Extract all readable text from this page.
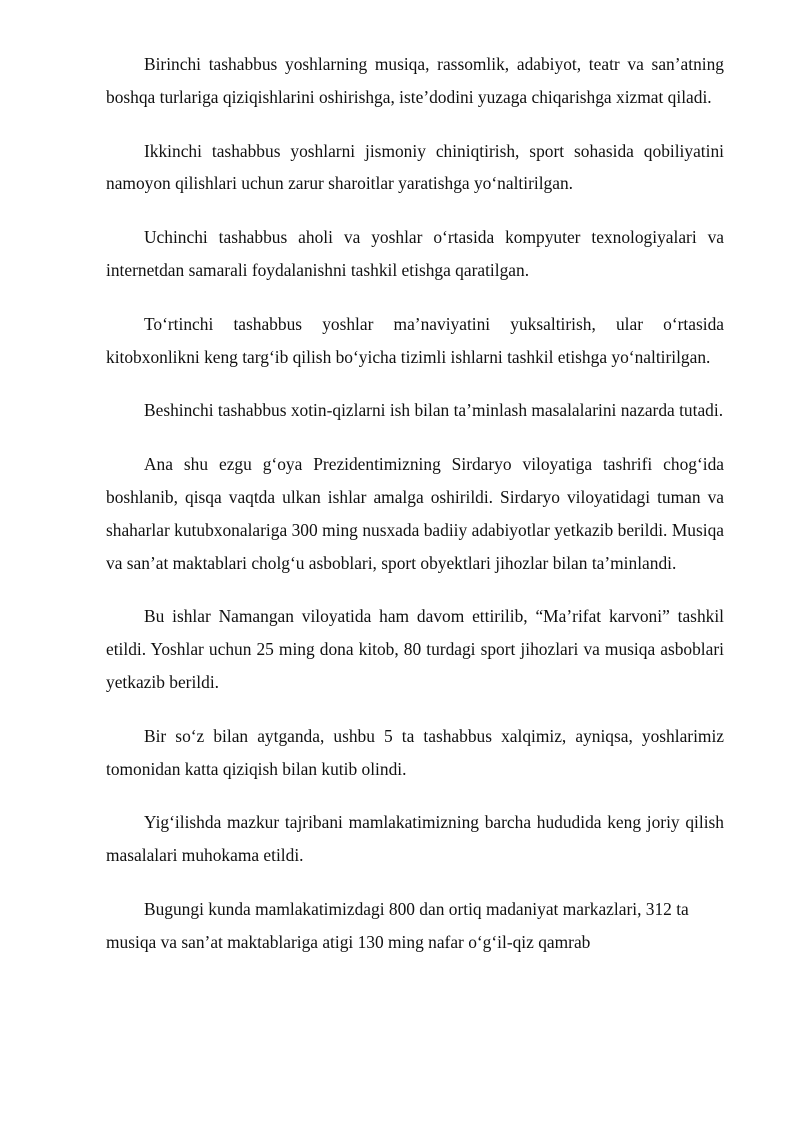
Birinchi tashabbus yoshlarning musiqa, rassomlik, adabiyot, teatr va san’atning boshqa turlariga qiziqishlarini oshirishga, iste’dodini yuzaga chiqarishga xizmat qiladi.

Ikkinchi tashabbus yoshlarni jismoniy chiniqtirish, sport sohasida qobiliyatini namoyon qilishlari uchun zarur sharoitlar yaratishga yo‘naltirilgan.

Uchinchi tashabbus aholi va yoshlar o‘rtasida kompyuter texnologiyalari va internetdan samarali foydalanishni tashkil etishga qaratilgan.

To‘rtinchi tashabbus yoshlar ma’naviyatini yuksaltirish, ular o‘rtasida kitobxonlikni keng targ‘ib qilish bo‘yicha tizimli ishlarni tashkil etishga yo‘naltirilgan.

Beshinchi tashabbus xotin-qizlarni ish bilan ta’minlash masalalarini nazarda tutadi.

Ana shu ezgu g‘oya Prezidentimizning Sirdaryo viloyatiga tashrifi chog‘ida boshlanib, qisqa vaqtda ulkan ishlar amalga oshirildi. Sirdaryo viloyatidagi tuman va shaharlar kutubxonalariga 300 ming nusxada badiiy adabiyotlar yetkazib berildi. Musiqa va san’at maktablari cholg‘u asboblari, sport obyektlari jihozlar bilan ta’minlandi.

Bu ishlar Namangan viloyatida ham davom ettirilib, “Ma’rifat karvoni” tashkil etildi. Yoshlar uchun 25 ming dona kitob, 80 turdagi sport jihozlari va musiqa asboblari yetkazib berildi.

Bir so‘z bilan aytganda, ushbu 5 ta tashabbus xalqimiz, ayniqsa, yoshlarimiz tomonidan katta qiziqish bilan kutib olindi.

Yig‘ilishda mazkur tajribani mamlakatimizning barcha hududida keng joriy qilish masalalari muhokama etildi.

Bugungi kunda mamlakatimizdagi 800 dan ortiq madaniyat markazlari, 312 ta musiqa va san’at maktablariga atigi 130 ming nafar o‘g‘il-qiz qamrab
